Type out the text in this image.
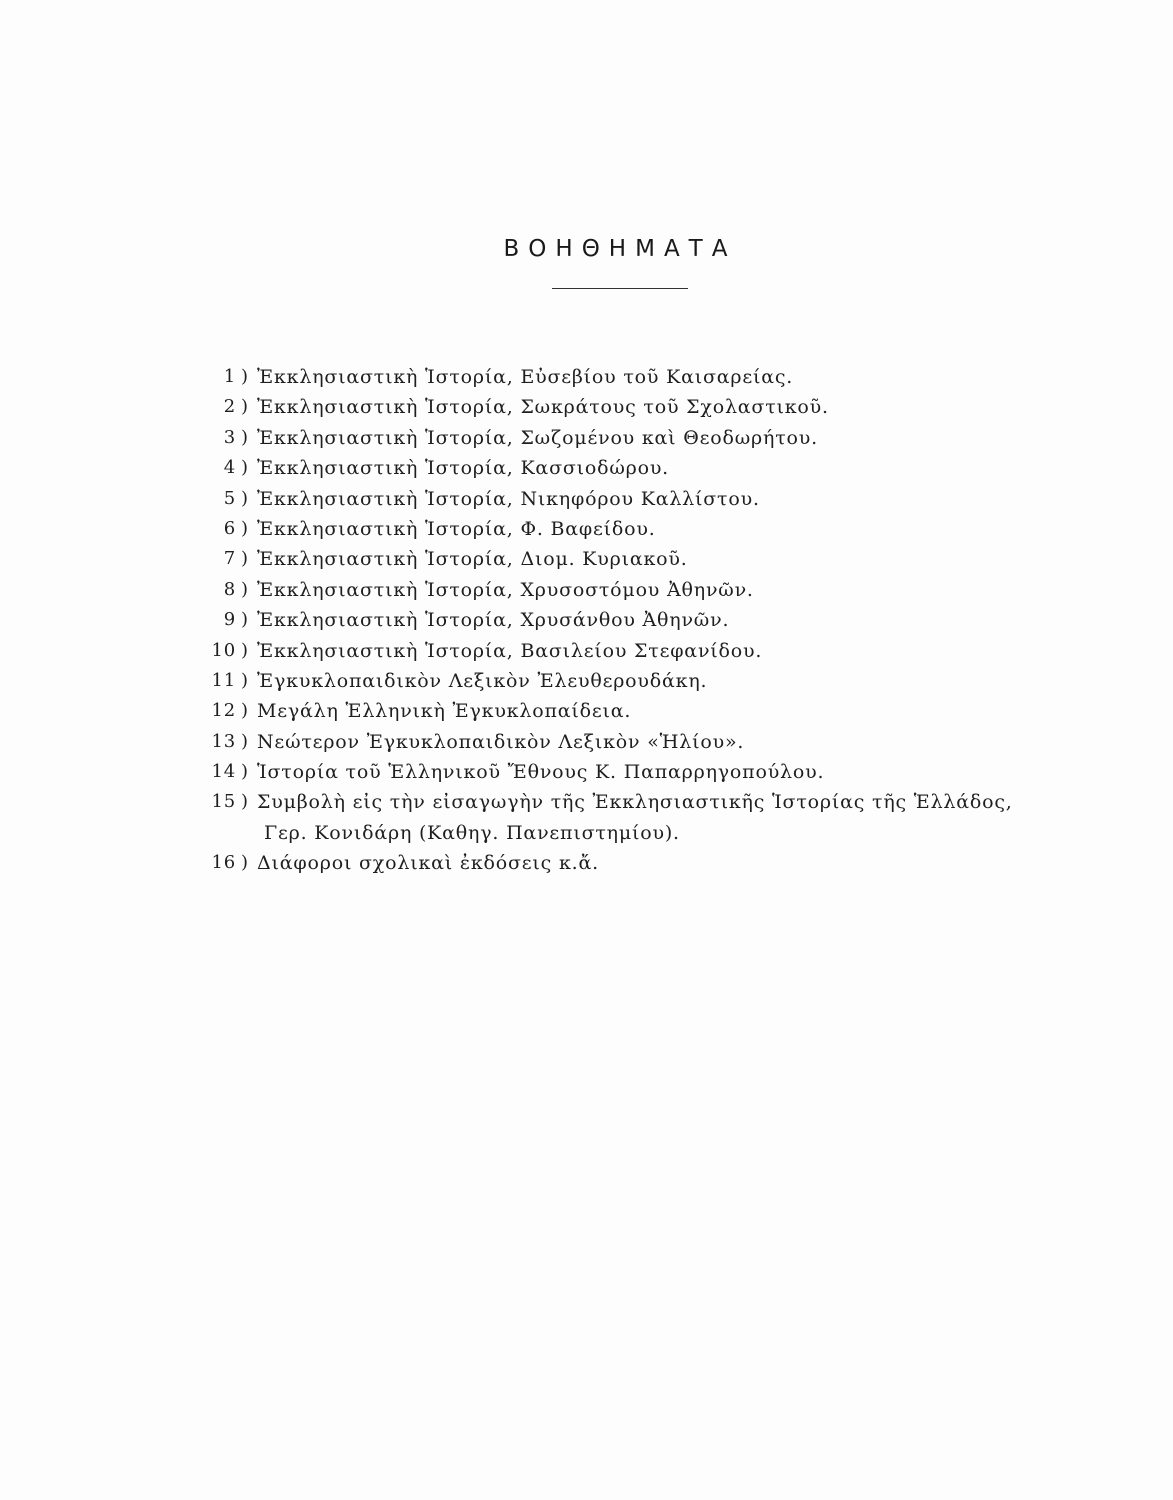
ΒΟΗΘΗΜΑΤΑ
1 ) Ἐκκλησιαστικὴ Ἱστορία, Εὐσεβίου τοῦ Καισαρείας.
2 ) Ἐκκλησιαστικὴ Ἱστορία, Σωκράτους τοῦ Σχολαστικοῦ.
3 ) Ἐκκλησιαστικὴ Ἱστορία, Σωζομένου καὶ Θεοδωρήτου.
4 ) Ἐκκλησιαστικὴ Ἱστορία, Κασσιοδώρου.
5 ) Ἐκκλησιαστικὴ Ἱστορία, Νικηφόρου Καλλίστου.
6 ) Ἐκκλησιαστικὴ Ἱστορία, Φ. Βαφείδου.
7 ) Ἐκκλησιαστικὴ Ἱστορία, Διομ. Κυριακοῦ.
8 ) Ἐκκλησιαστικὴ Ἱστορία, Χρυσοστόμου Ἀθηνῶν.
9 ) Ἐκκλησιαστικὴ Ἱστορία, Χρυσάνθου Ἀθηνῶν.
10 ) Ἐκκλησιαστικὴ Ἱστορία, Βασιλείου Στεφανίδου.
11 ) Ἐγκυκλοπαιδικὸν Λεξικὸν Ἐλευθερουδάκη.
12 ) Μεγάλη Ἑλληνικὴ Ἐγκυκλοπαίδεια.
13 ) Νεώτερον Ἐγκυκλοπαιδικὸν Λεξικὸν «Ἡλίου».
14 ) Ἱστορία τοῦ Ἑλληνικοῦ Ἔθνους Κ. Παπαρρηγοπούλου.
15 ) Συμβολὴ εἰς τὴν εἰσαγωγὴν τῆς Ἐκκλησιαστικῆς Ἱστορίας τῆς Ἑλλάδος,
Γερ. Κονιδάρη (Καθηγ. Πανεπιστημίου).
16 ) Διάφοροι σχολικαὶ ἐκδόσεις κ.ἄ.
